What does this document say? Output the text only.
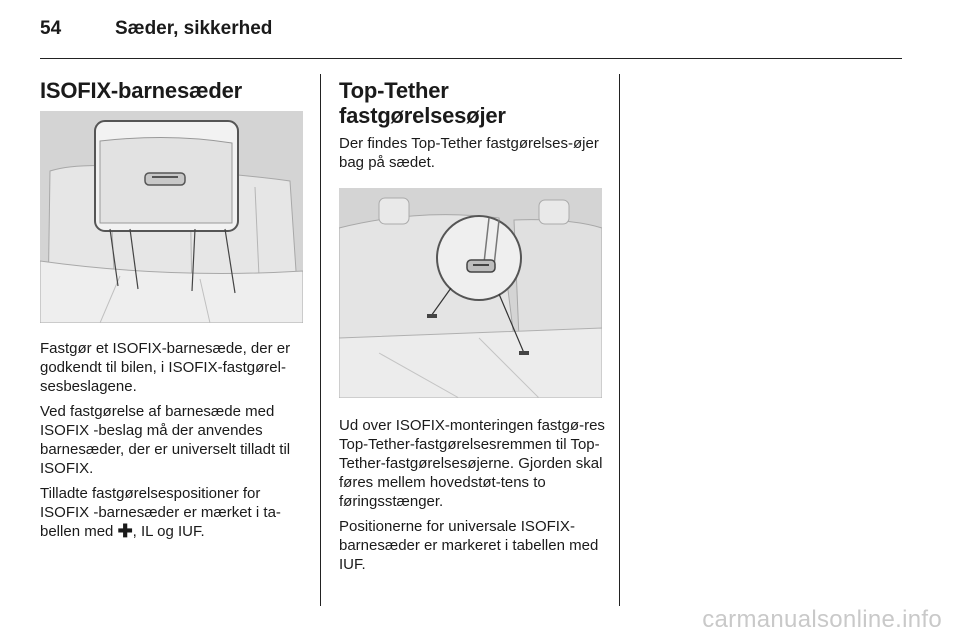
54	Sæder, sikkerhed
ISOFIX-barnesæder

Fastgør et ISOFIX-barnesæde, der er godkendt til bilen, i ISOFIX-fastgørel-sesbeslagene.

Ved fastgørelse af barnesæde med ISOFIX -beslag må der anvendes barnesæder, der er universelt tilladt til ISOFIX.

Tilladte fastgørelsespositioner for ISOFIX -barnesæder er mærket i ta-bellen med ✚, IL og IUF.

Top-Tether fastgørelsesøjer

Der findes Top-Tether fastgørelses-øjer bag på sædet.

Ud over ISOFIX-monteringen fastgø-res Top-Tether-fastgørelsesremmen til Top-Tether-fastgørelsesøjerne. Gjorden skal føres mellem hovedstøt-tens to føringsstænger.

Positionerne for universale ISOFIX-barnesæder er markeret i tabellen med IUF.

carmanualsonline.info
